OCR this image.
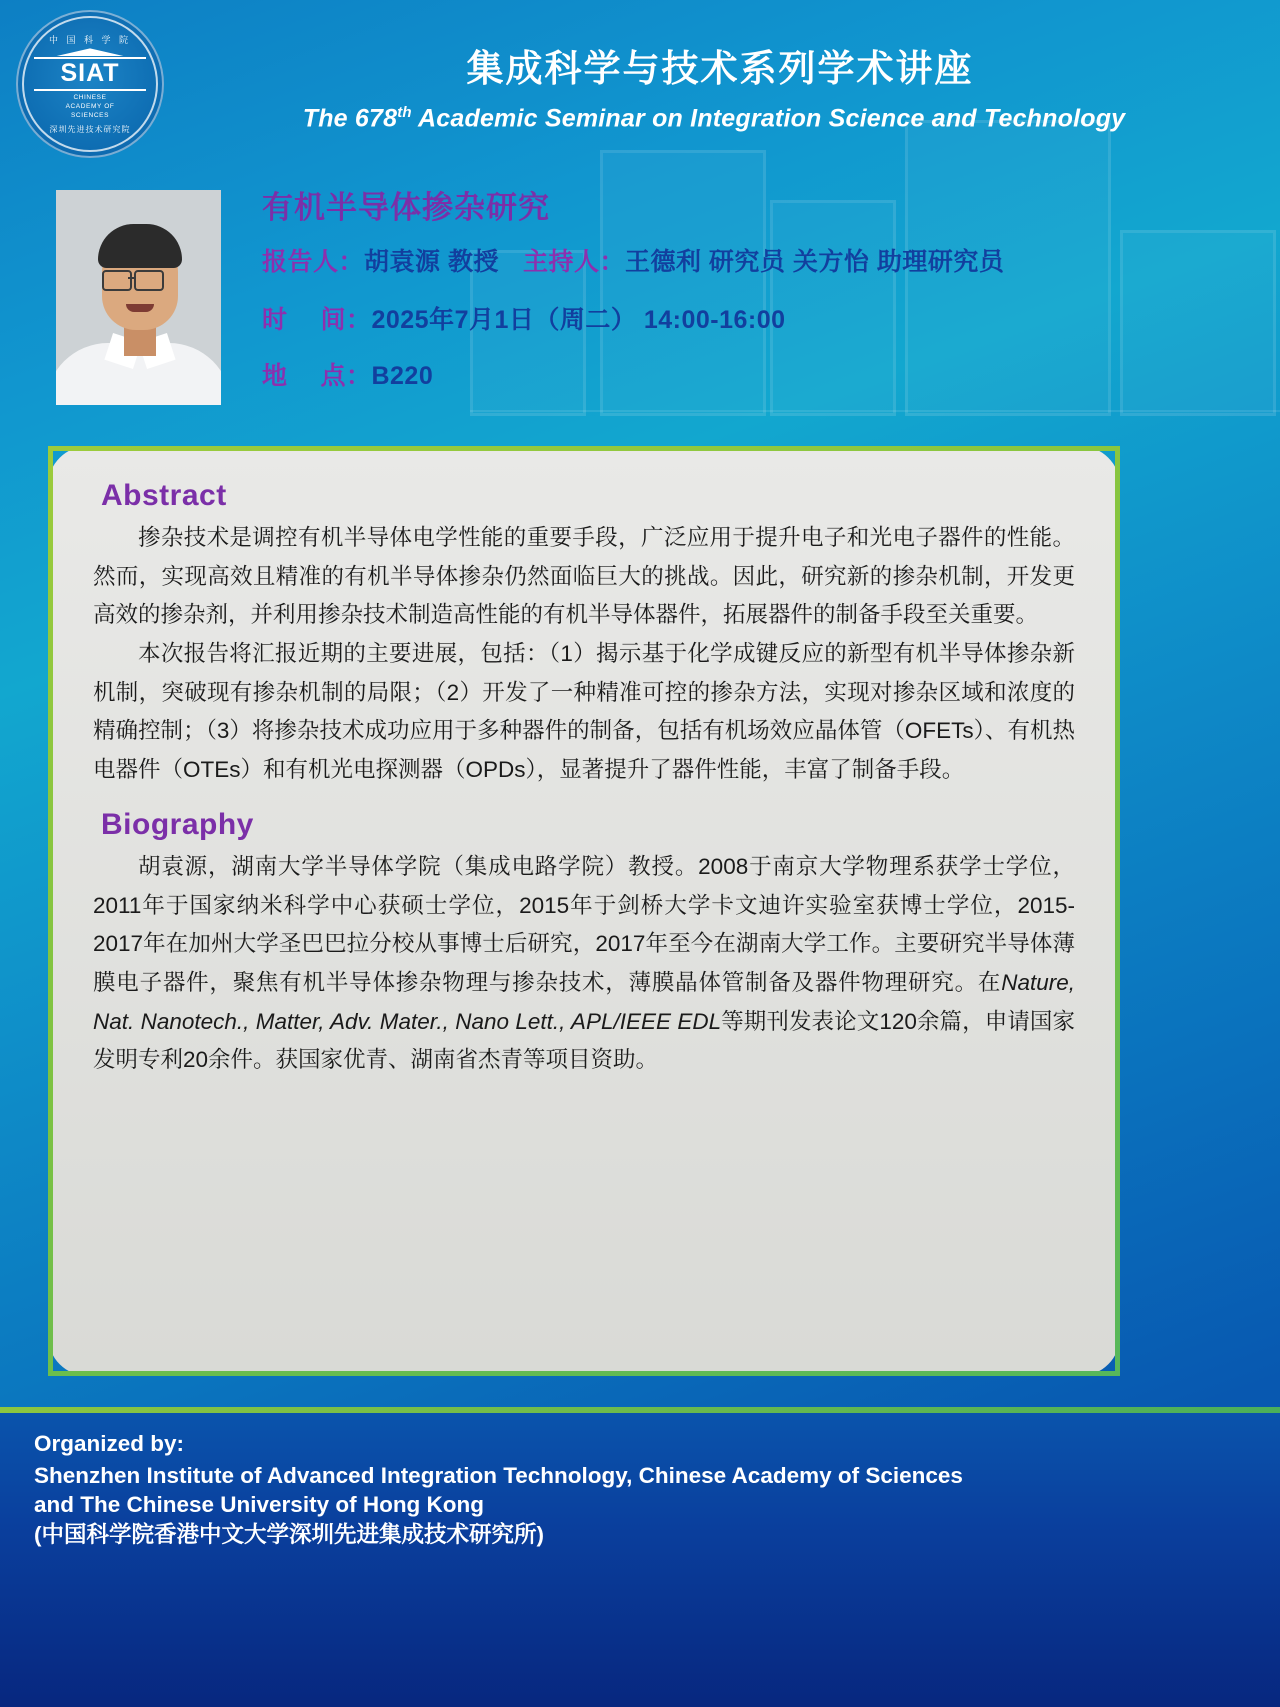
中 国 科 学 院
SIAT
CHINESE
ACADEMY OF
SCIENCES
深圳先进技术研究院
集成科学与技术系列学术讲座
The 678th Academic Seminar on Integration Science and Technology
有机半导体掺杂研究
报告人：胡袁源 教授 主持人：王德利 研究员 关方怡 助理研究员
时　 间：2025年7月1日（周二） 14:00-16:00
地　 点：B220
Abstract
掺杂技术是调控有机半导体电学性能的重要手段，广泛应用于提升电子和光电子器件的性能。然而，实现高效且精准的有机半导体掺杂仍然面临巨大的挑战。因此，研究新的掺杂机制，开发更高效的掺杂剂，并利用掺杂技术制造高性能的有机半导体器件，拓展器件的制备手段至关重要。
本次报告将汇报近期的主要进展，包括：（1）揭示基于化学成键反应的新型有机半导体掺杂新机制，突破现有掺杂机制的局限；（2）开发了一种精准可控的掺杂方法，实现对掺杂区域和浓度的精确控制；（3）将掺杂技术成功应用于多种器件的制备，包括有机场效应晶体管（OFETs）、有机热电器件（OTEs）和有机光电探测器（OPDs），显著提升了器件性能，丰富了制备手段。
Biography
胡袁源，湖南大学半导体学院（集成电路学院）教授。2008于南京大学物理系获学士学位，2011年于国家纳米科学中心获硕士学位，2015年于剑桥大学卡文迪许实验室获博士学位，2015-2017年在加州大学圣巴巴拉分校从事博士后研究，2017年至今在湖南大学工作。主要研究半导体薄膜电子器件，聚焦有机半导体掺杂物理与掺杂技术，薄膜晶体管制备及器件物理研究。在Nature, Nat. Nanotech., Matter, Adv. Mater., Nano Lett., APL/IEEE EDL等期刊发表论文120余篇，申请国家发明专利20余件。获国家优青、湖南省杰青等项目资助。
Organized by:
Shenzhen Institute of Advanced Integration Technology, Chinese Academy of Sciences
and The Chinese University of Hong Kong
(中国科学院香港中文大学深圳先进集成技术研究所)
